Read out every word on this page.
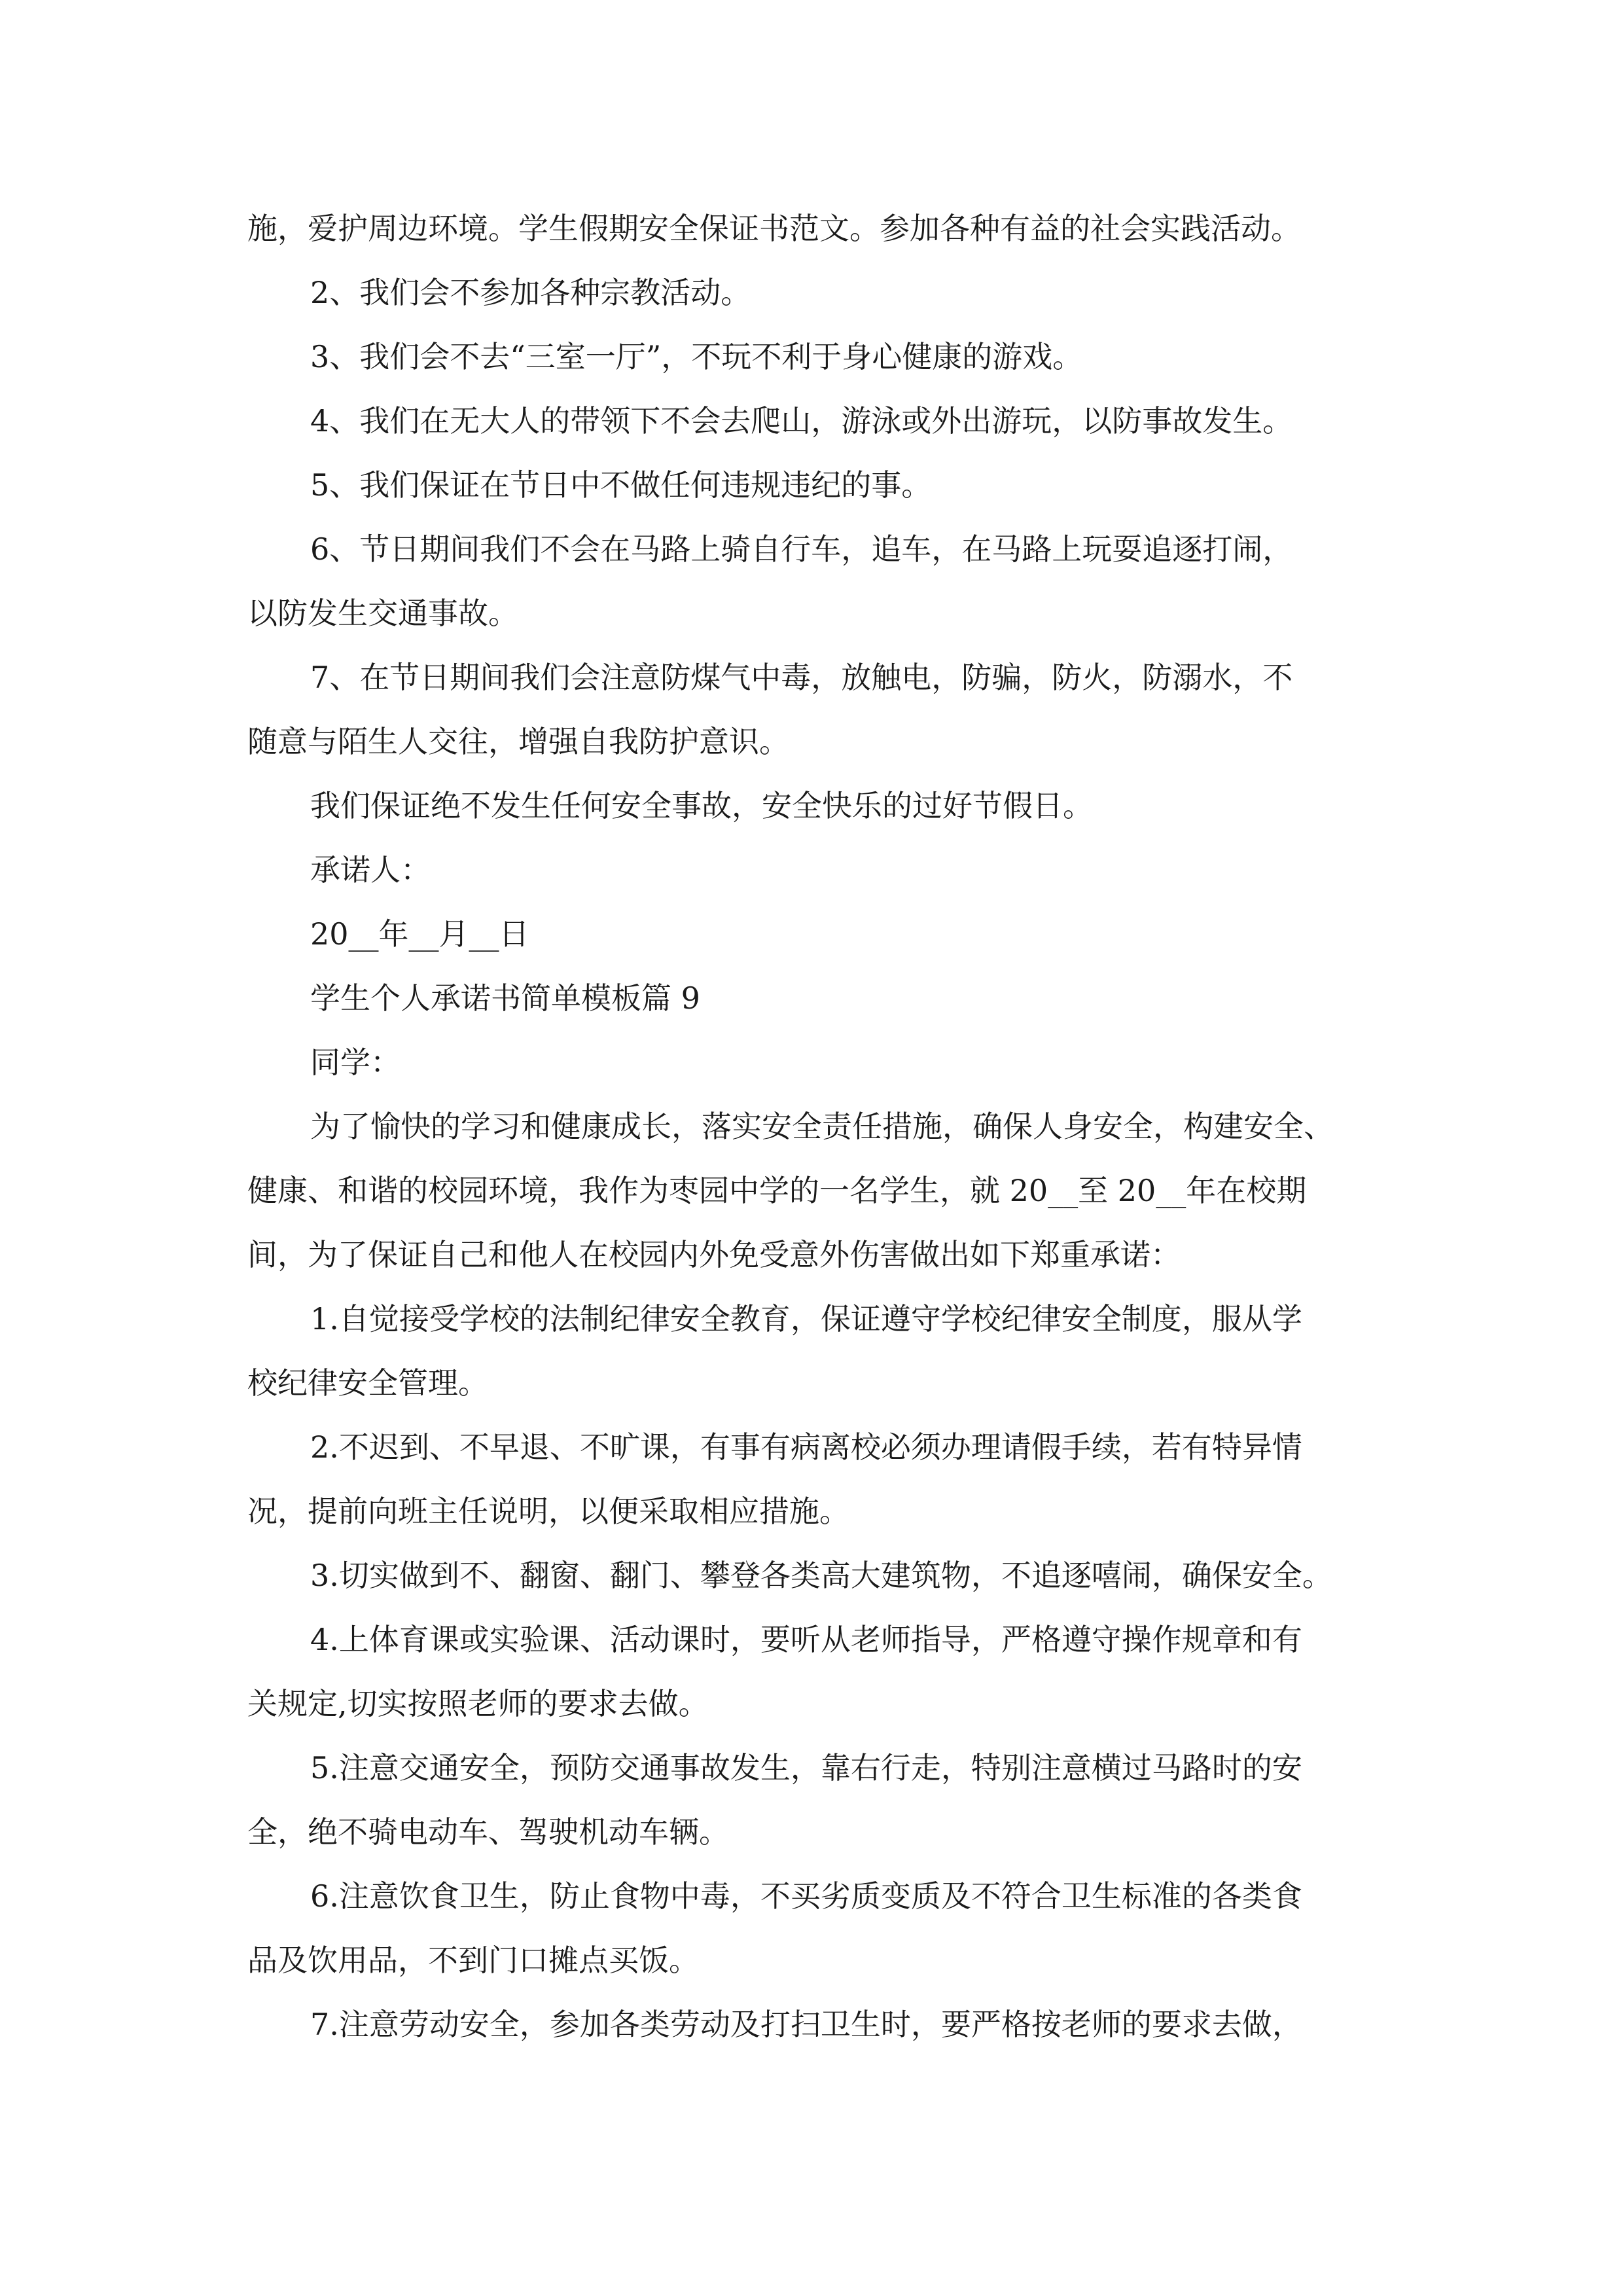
施，爱护周边环境。学生假期安全保证书范文。参加各种有益的社会实践活动。

2、我们会不参加各种宗教活动。

3、我们会不去“三室一厅”，不玩不利于身心健康的游戏。

4、我们在无大人的带领下不会去爬山，游泳或外出游玩，以防事故发生。

5、我们保证在节日中不做任何违规违纪的事。

6、节日期间我们不会在马路上骑自行车，追车，在马路上玩耍追逐打闹，

以防发生交通事故。

7、在节日期间我们会注意防煤气中毒，放触电，防骗，防火，防溺水，不

随意与陌生人交往，增强自我防护意识。

我们保证绝不发生任何安全事故，安全快乐的过好节假日。

承诺人：

20__年__月__日

学生个人承诺书简单模板篇 9

同学：

为了愉快的学习和健康成长，落实安全责任措施，确保人身安全，构建安全、

健康、和谐的校园环境，我作为枣园中学的一名学生，就 20__至 20__年在校期

间，为了保证自己和他人在校园内外免受意外伤害做出如下郑重承诺：

1.自觉接受学校的法制纪律安全教育，保证遵守学校纪律安全制度，服从学

校纪律安全管理。

2.不迟到、不早退、不旷课，有事有病离校必须办理请假手续，若有特异情

况，提前向班主任说明，以便采取相应措施。

3.切实做到不、翻窗、翻门、攀登各类高大建筑物，不追逐嘻闹，确保安全。

4.上体育课或实验课、活动课时，要听从老师指导，严格遵守操作规章和有

关规定,切实按照老师的要求去做。

5.注意交通安全，预防交通事故发生，靠右行走，特别注意横过马路时的安

全，绝不骑电动车、驾驶机动车辆。

6.注意饮食卫生，防止食物中毒，不买劣质变质及不符合卫生标准的各类食

品及饮用品，不到门口摊点买饭。

7.注意劳动安全，参加各类劳动及打扫卫生时，要严格按老师的要求去做，
